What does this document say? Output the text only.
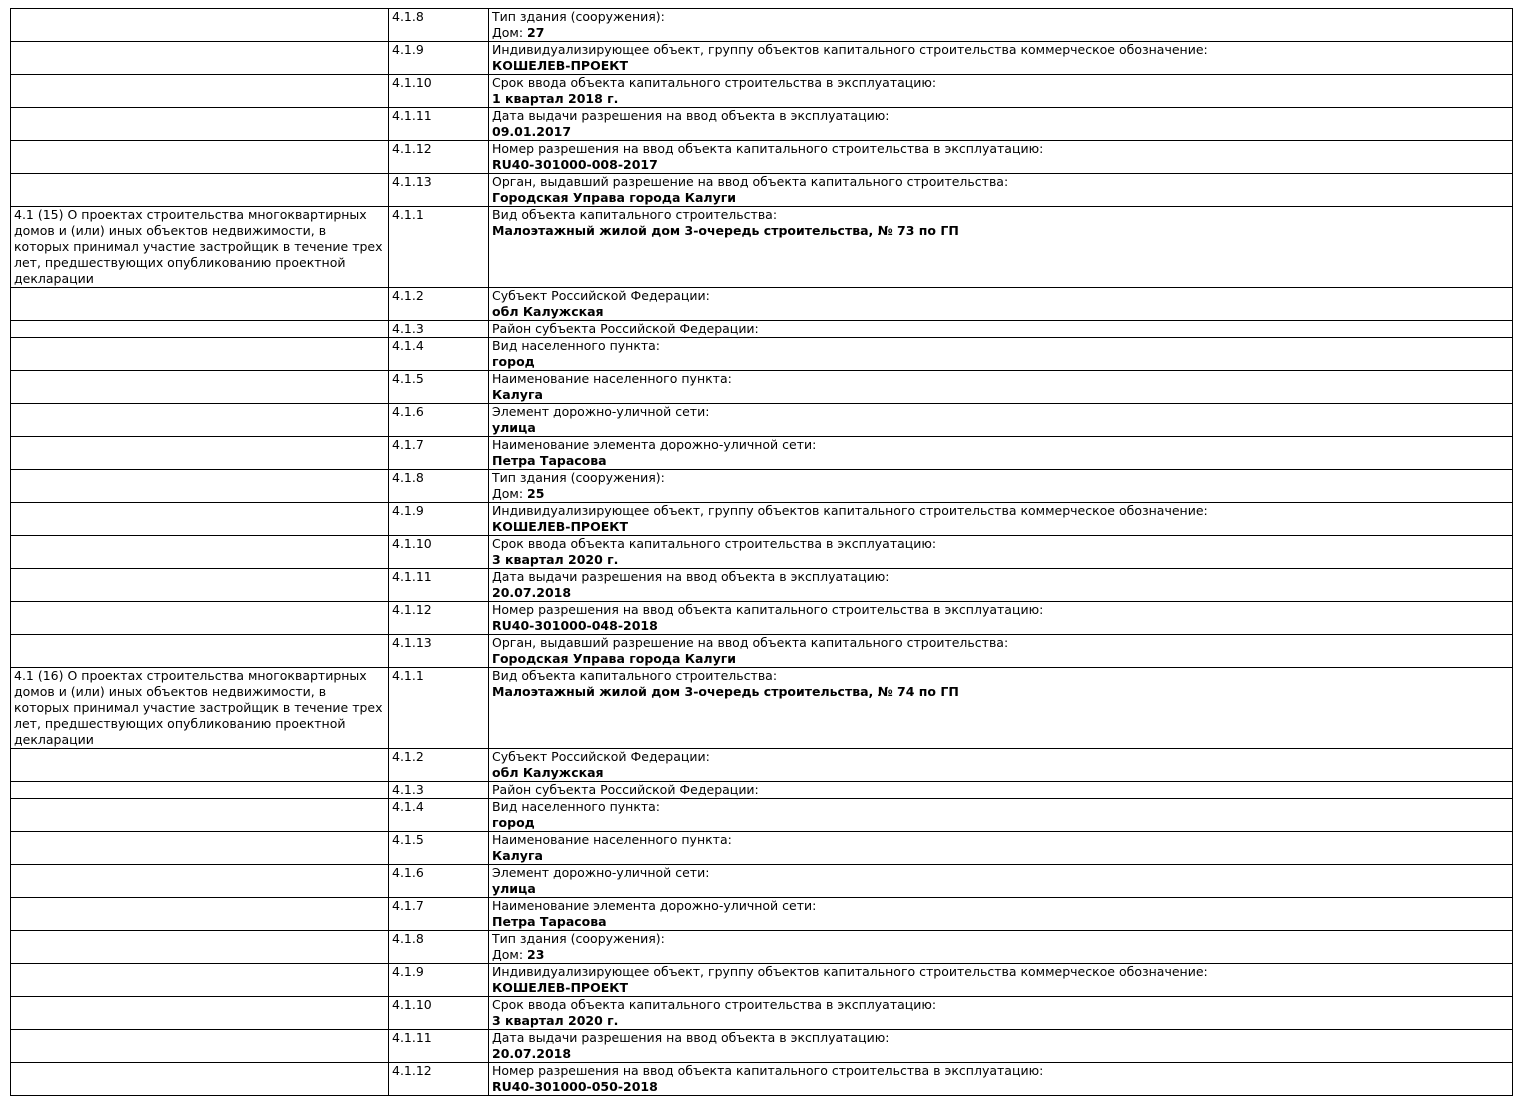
	4.1.8	Тип здания (сооружения):
Дом: 27

	4.1.9	Индивидуализирующее объект, группу объектов капитального строительства коммерческое обозначение:
КОШЕЛЕВ-ПРОЕКТ

	4.1.10	Срок ввода объекта капитального строительства в эксплуатацию:
1 квартал 2018 г.

	4.1.11	Дата выдачи разрешения на ввод объекта в эксплуатацию:
09.01.2017

	4.1.12	Номер разрешения на ввод объекта капитального строительства в эксплуатацию:
RU40-301000-008-2017

	4.1.13	Орган, выдавший разрешение на ввод объекта капитального строительства:
Городская Управа города Калуги

4.1 (15) О проектах строительства многоквартирных домов и (или) иных объектов недвижимости, в которых принимал участие застройщик в течение трех лет, предшествующих опубликованию проектной декларации	4.1.1	Вид объекта капитального строительства:
Малоэтажный жилой дом 3-очередь строительства, № 73 по ГП

	4.1.2	Субъект Российской Федерации:
обл Калужская

	4.1.3	Район субъекта Российской Федерации:

	4.1.4	Вид населенного пункта:
город

	4.1.5	Наименование населенного пункта:
Калуга

	4.1.6	Элемент дорожно-уличной сети:
улица

	4.1.7	Наименование элемента дорожно-уличной сети:
Петра Тарасова

	4.1.8	Тип здания (сооружения):
Дом: 25

	4.1.9	Индивидуализирующее объект, группу объектов капитального строительства коммерческое обозначение:
КОШЕЛЕВ-ПРОЕКТ

	4.1.10	Срок ввода объекта капитального строительства в эксплуатацию:
3 квартал 2020 г.

	4.1.11	Дата выдачи разрешения на ввод объекта в эксплуатацию:
20.07.2018

	4.1.12	Номер разрешения на ввод объекта капитального строительства в эксплуатацию:
RU40-301000-048-2018

	4.1.13	Орган, выдавший разрешение на ввод объекта капитального строительства:
Городская Управа города Калуги

4.1 (16) О проектах строительства многоквартирных домов и (или) иных объектов недвижимости, в которых принимал участие застройщик в течение трех лет, предшествующих опубликованию проектной декларации	4.1.1	Вид объекта капитального строительства:
Малоэтажный жилой дом 3-очередь строительства, № 74 по ГП

	4.1.2	Субъект Российской Федерации:
обл Калужская

	4.1.3	Район субъекта Российской Федерации:

	4.1.4	Вид населенного пункта:
город

	4.1.5	Наименование населенного пункта:
Калуга

	4.1.6	Элемент дорожно-уличной сети:
улица

	4.1.7	Наименование элемента дорожно-уличной сети:
Петра Тарасова

	4.1.8	Тип здания (сооружения):
Дом: 23

	4.1.9	Индивидуализирующее объект, группу объектов капитального строительства коммерческое обозначение:
КОШЕЛЕВ-ПРОЕКТ

	4.1.10	Срок ввода объекта капитального строительства в эксплуатацию:
3 квартал 2020 г.

	4.1.11	Дата выдачи разрешения на ввод объекта в эксплуатацию:
20.07.2018

	4.1.12	Номер разрешения на ввод объекта капитального строительства в эксплуатацию:
RU40-301000-050-2018
